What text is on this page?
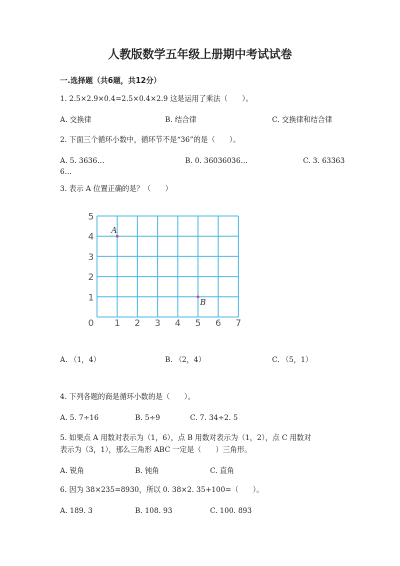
人教版数学五年级上册期中考试试卷
一.选择题（共6题，共12分）
1. 2.5×2.9×0.4=2.5×0.4×2.9 这是运用了乘法（　　）。
A. 交换律	B. 结合律	C. 交换律和结合律
2. 下面三个循环小数中，循环节不是“36”的是（　　）。
A. 5. 3636…	B. 0. 36036036…	C. 3. 63363
6…
3. 表示 A 位置正确的是？（　　）
0 1 2 3 4 5 6 7
1
2
3
4
5
A
B
A. （1，4）	B. （2，4）	C. （5，1）
4. 下列各题的商是循环小数的是（　　）。
A. 5. 7÷16	B. 5÷9	C. 7. 34÷2. 5
5. 如果点 A 用数对表示为（1，6），点 B 用数对表示为（1，2），点 C 用数对
表示为（3，1），那么三角形 ABC 一定是（　　）三角形。
A. 锐角	B. 钝角	C. 直角
6. 因为 38×235=8930，所以 0. 38×2. 35+100=（　　）。
A. 189. 3	B. 108. 93	C. 100. 893
